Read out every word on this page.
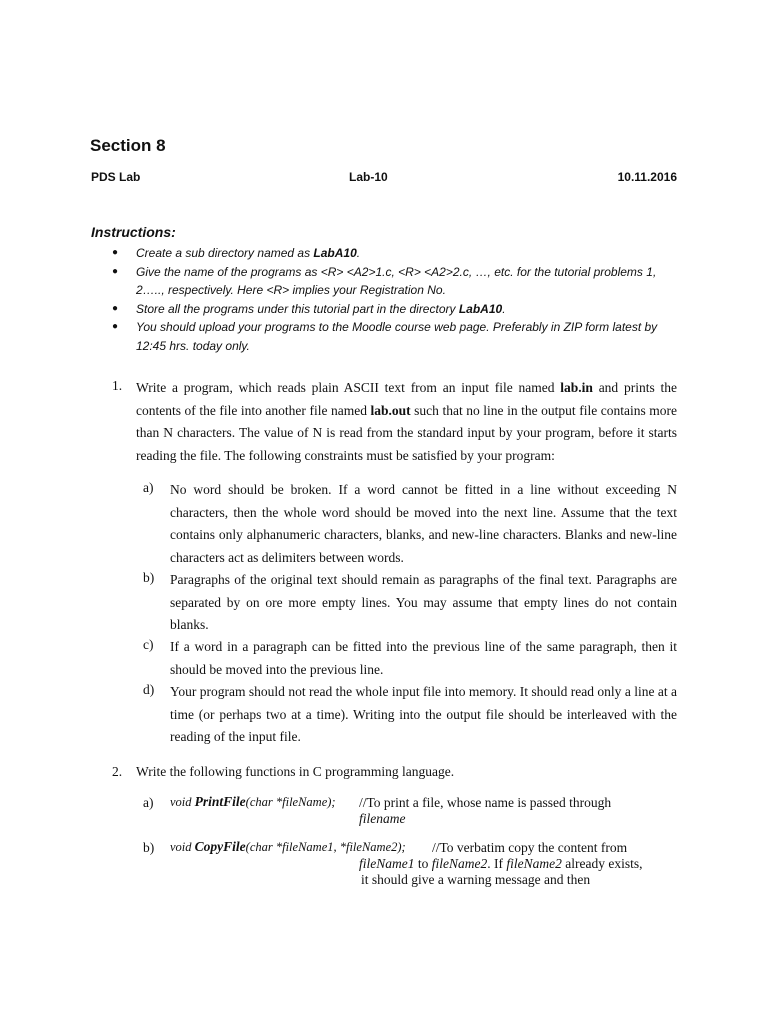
Section 8
PDS Lab	Lab-10	10.11.2016
Instructions:
● Create a sub directory named as LabA10.
● Give the name of the programs as <R> <A2>1.c, <R> <A2>2.c, …, etc. for the tutorial problems 1, 2….., respectively. Here <R> implies your Registration No.
● Store all the programs under this tutorial part in the directory LabA10.
● You should upload your programs to the Moodle course web page. Preferably in ZIP form latest by 12:45 hrs. today only.
1. Write a program, which reads plain ASCII text from an input file named lab.in and prints the contents of the file into another file named lab.out such that no line in the output file contains more than N characters. The value of N is read from the standard input by your program, before it starts reading the file. The following constraints must be satisfied by your program:

a) No word should be broken. If a word cannot be fitted in a line without exceeding N characters, then the whole word should be moved into the next line. Assume that the text contains only alphanumeric characters, blanks, and new-line characters. Blanks and new-line characters act as delimiters between words.

b) Paragraphs of the original text should remain as paragraphs of the final text. Paragraphs are separated by on ore more empty lines. You may assume that empty lines do not contain blanks.

c) If a word in a paragraph can be fitted into the previous line of the same paragraph, then it should be moved into the previous line.

d) Your program should not read the whole input file into memory. It should read only a line at a time (or perhaps two at a time). Writing into the output file should be interleaved with the reading of the input file.

2. Write the following functions in C programming language.
a) void PrintFile(char *fileName); //To print a file, whose name is passed through
filename
b) void CopyFile(char *fileName1, *fileName2); //To verbatim copy the content from
fileName1 to fileName2. If fileName2 already exists,
it should give a warning message and then
